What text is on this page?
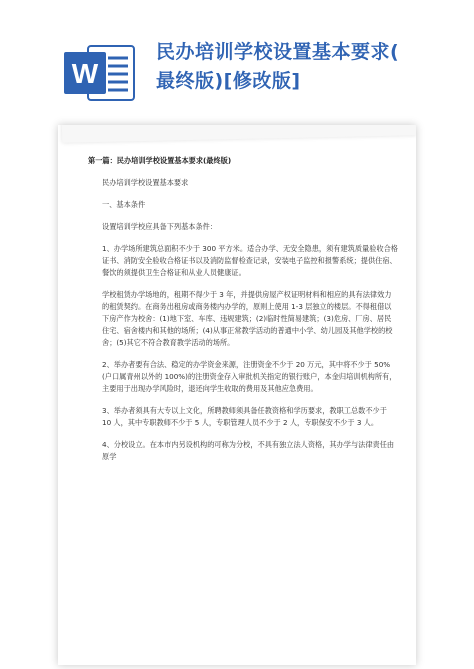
W
民办培训学校设置基本要求(
最终版)[修改版]

第一篇：民办培训学校设置基本要求(最终版)

民办培训学校设置基本要求

一、基本条件

设置培训学校应具备下列基本条件：

1、办学场所建筑总面积不少于 300 平方米。适合办学、无安全隐患，须有建筑质量验收合格证书、消防安全验收合格证书以及消防监督检查记录，安装电子监控和报警系统；提供住宿、餐饮的须提供卫生合格证和从业人员健康证。

学校租赁办学场地的，租期不得少于 3 年，并提供房屋产权证明材料和相应的具有法律效力的租赁契约。在商务出租房或商务楼内办学的，原则上使用 1-3 层独立的楼层。不得租借以下房产作为校舍：(1)地下室、车库、违规建筑；(2)临时性简易建筑；(3)危房、厂房、居民住宅、宿舍楼内和其他的场所；(4)从事正常教学活动的普通中小学、幼儿园及其他学校的校舍；(5)其它不符合教育教学活动的场所。

2、举办者要有合法、稳定的办学资金来源，注册资金不少于 20 万元，其中将不少于 50%(户口属青州以外的 100%)的注册资金存入审批机关指定的银行账户，本金归培训机构所有，主要用于出现办学风险时，退还向学生收取的费用及其他应急费用。

3、举办者须具有大专以上文化，所聘教师须具备任教资格和学历要求，教职工总数不少于 10 人，其中专职教师不少于 5 人，专职管理人员不少于 2 人，专职保安不少于 3 人。

4、分校设立。在本市内另设机构的可称为分校，不具有独立法人资格，其办学与法律责任由原学
